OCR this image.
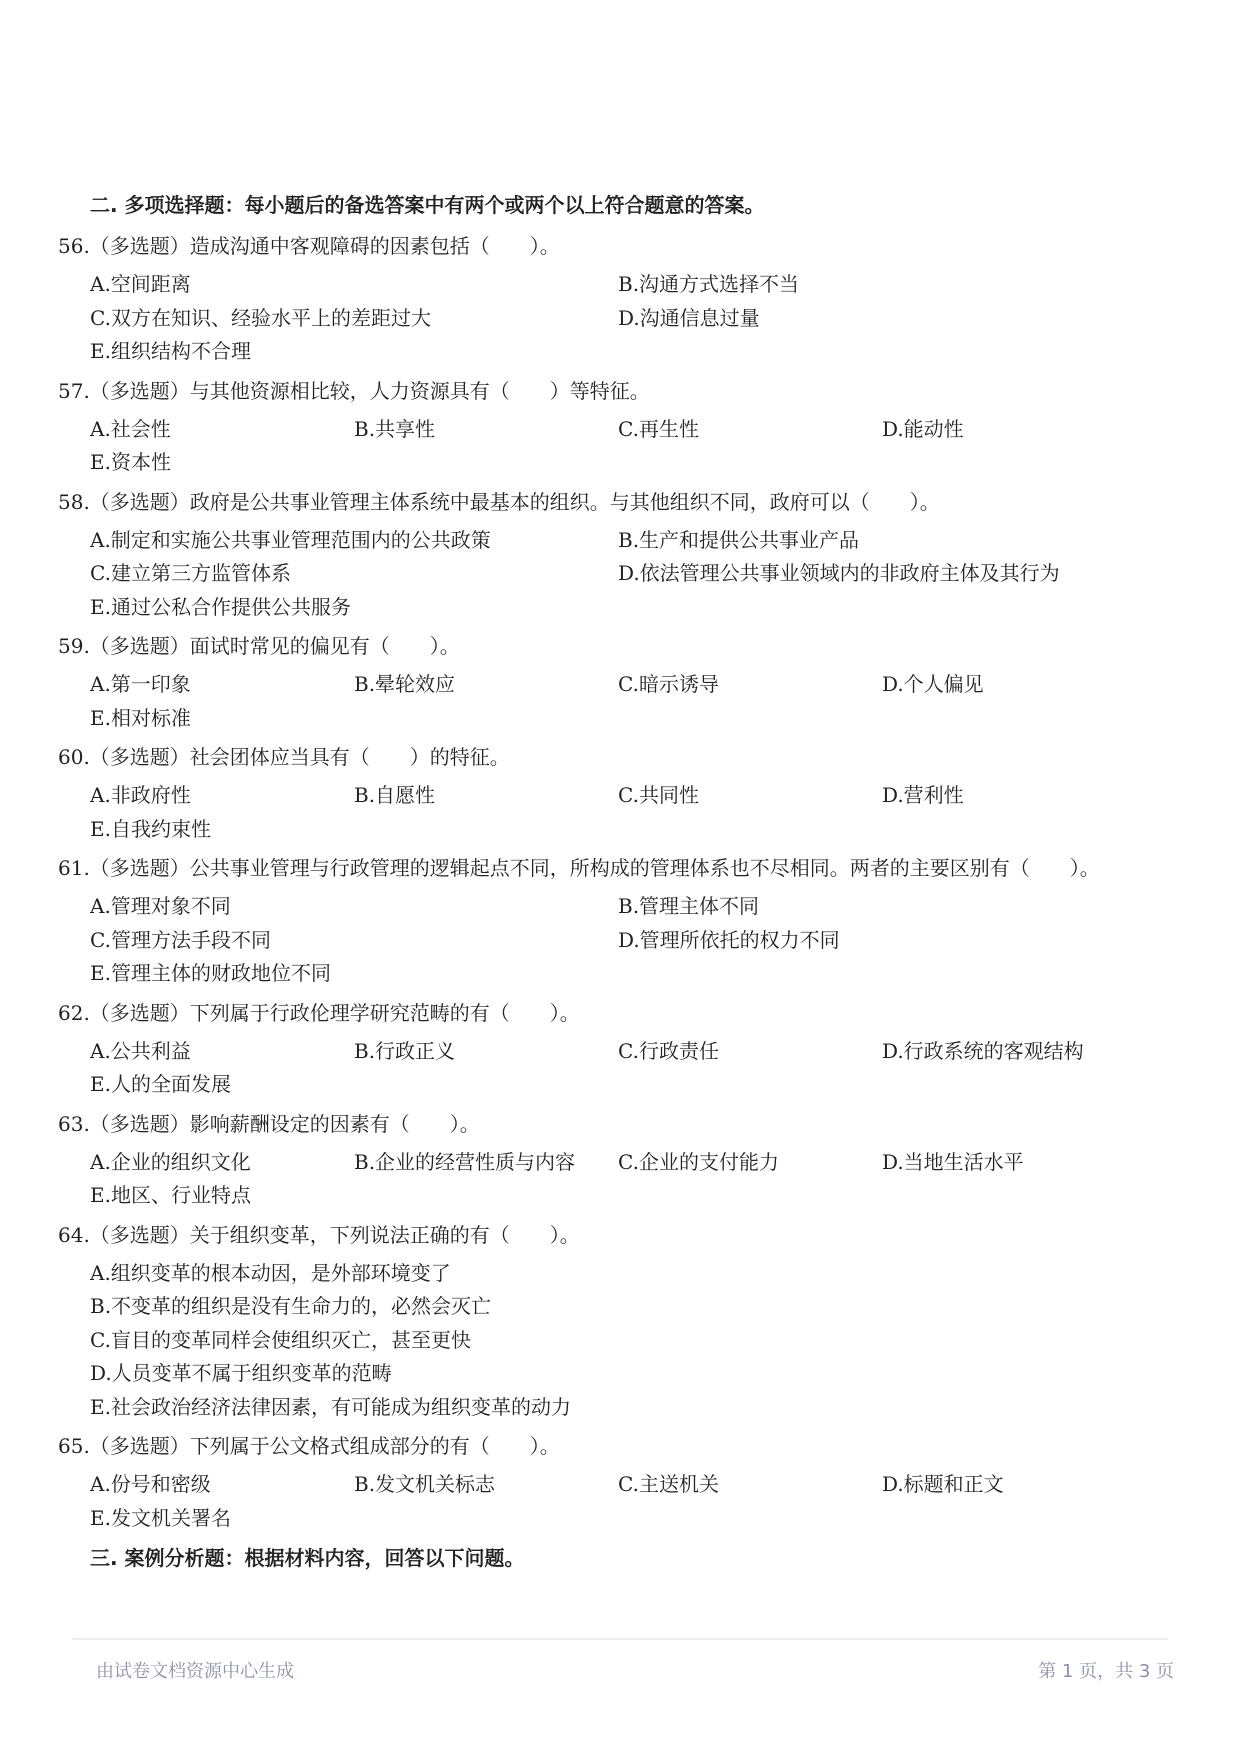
二. 多项选择题：每小题后的备选答案中有两个或两个以上符合题意的答案。
56.（多选题）造成沟通中客观障碍的因素包括（　　）。
A.空间距离	B.沟通方式选择不当
C.双方在知识、经验水平上的差距过大	D.沟通信息过量
E.组织结构不合理
57.（多选题）与其他资源相比较，人力资源具有（　　）等特征。
A.社会性	B.共享性	C.再生性	D.能动性
E.资本性
58.（多选题）政府是公共事业管理主体系统中最基本的组织。与其他组织不同，政府可以（　　）。
A.制定和实施公共事业管理范围内的公共政策	B.生产和提供公共事业产品
C.建立第三方监管体系	D.依法管理公共事业领域内的非政府主体及其行为
E.通过公私合作提供公共服务
59.（多选题）面试时常见的偏见有（　　）。
A.第一印象	B.晕轮效应	C.暗示诱导	D.个人偏见
E.相对标准
60.（多选题）社会团体应当具有（　　）的特征。
A.非政府性	B.自愿性	C.共同性	D.营利性
E.自我约束性
61.（多选题）公共事业管理与行政管理的逻辑起点不同，所构成的管理体系也不尽相同。两者的主要区别有（　　）。
A.管理对象不同	B.管理主体不同
C.管理方法手段不同	D.管理所依托的权力不同
E.管理主体的财政地位不同
62.（多选题）下列属于行政伦理学研究范畴的有（　　）。
A.公共利益	B.行政正义	C.行政责任	D.行政系统的客观结构
E.人的全面发展
63.（多选题）影响薪酬设定的因素有（　　）。
A.企业的组织文化	B.企业的经营性质与内容	C.企业的支付能力	D.当地生活水平
E.地区、行业特点
64.（多选题）关于组织变革，下列说法正确的有（　　）。
A.组织变革的根本动因，是外部环境变了
B.不变革的组织是没有生命力的，必然会灭亡
C.盲目的变革同样会使组织灭亡，甚至更快
D.人员变革不属于组织变革的范畴
E.社会政治经济法律因素，有可能成为组织变革的动力
65.（多选题）下列属于公文格式组成部分的有（　　）。
A.份号和密级	B.发文机关标志	C.主送机关	D.标题和正文
E.发文机关署名
三. 案例分析题：根据材料内容，回答以下问题。
由试卷文档资源中心生成	第 1 页，共 3 页
